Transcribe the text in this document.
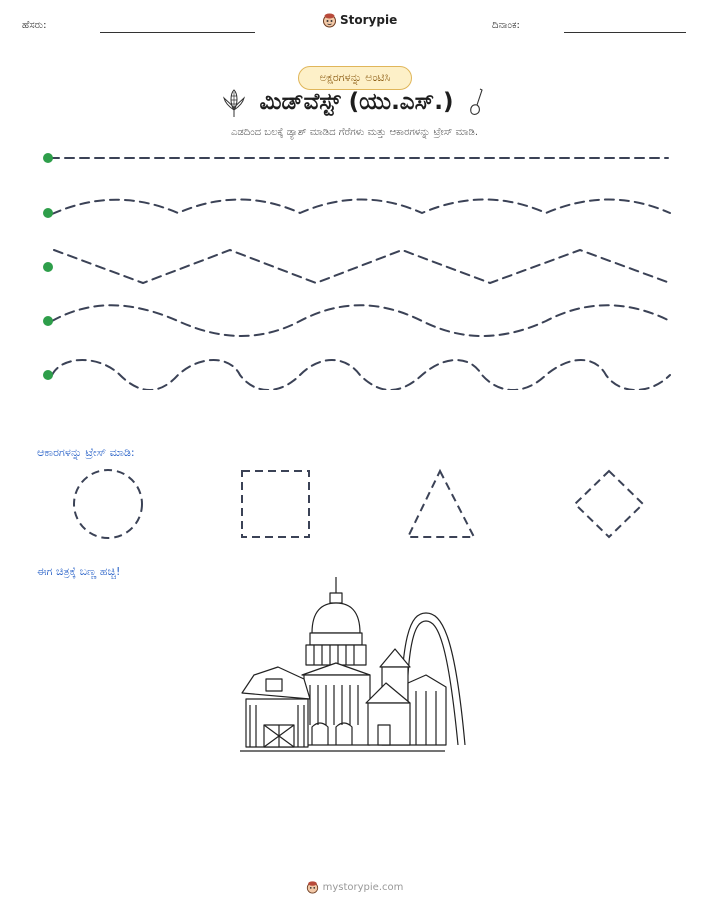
ಹೆಸರು:	Storypie	ದಿನಾಂಕ:
ಅಕ್ಷರಗಳನ್ನು ಅಂಟಿಸಿ
ಮಿಡ್‌ವೆಸ್ಟ್ (ಯು.ಎಸ್.)
ಎಡದಿಂದ ಬಲಕ್ಕೆ ಡ್ಯಾಶ್ ಮಾಡಿದ ಗೆರೆಗಳು ಮತ್ತು ಆಕಾರಗಳನ್ನು ಟ್ರೇಸ್ ಮಾಡಿ.
ಆಕಾರಗಳನ್ನು ಟ್ರೇಸ್ ಮಾಡಿ:
ಈಗ ಚಿತ್ರಕ್ಕೆ ಬಣ್ಣ ಹಚ್ಚಿ!
mystorypie.com
